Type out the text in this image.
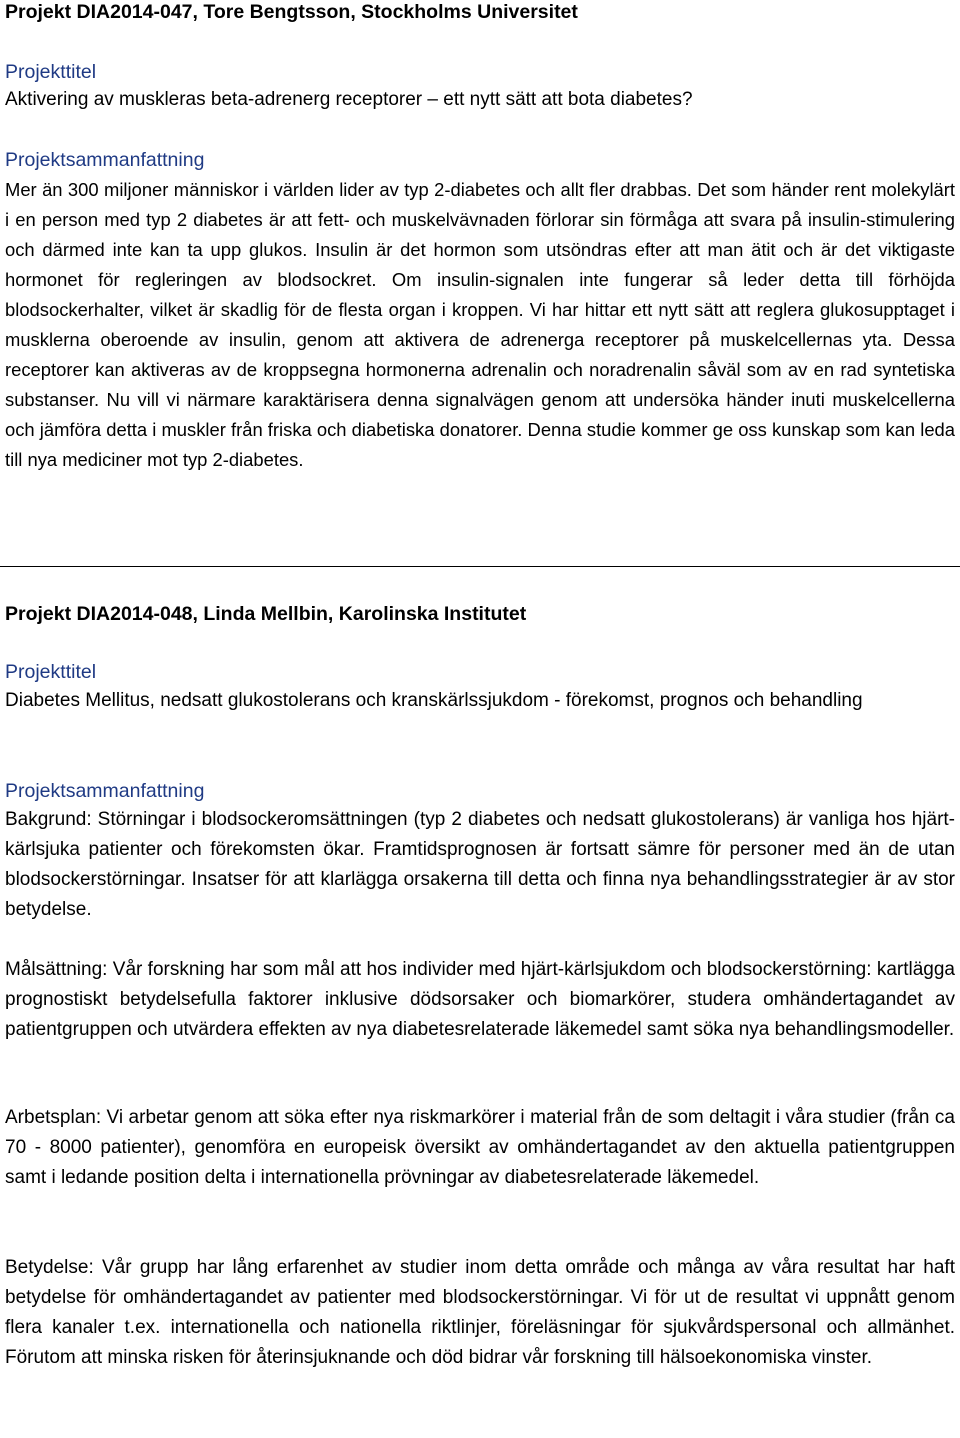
Projekt DIA2014-047, Tore Bengtsson, Stockholms Universitet
Projekttitel
Aktivering av muskleras beta-adrenerg receptorer – ett nytt sätt att bota diabetes?
Projektsammanfattning
Mer än 300 miljoner människor i världen lider av typ 2-diabetes och allt fler drabbas. Det som händer rent molekylärt i en person med typ 2 diabetes är att fett- och muskelvävnaden förlorar sin förmåga att svara på insulin-stimulering och därmed inte kan ta upp glukos. Insulin är det hormon som utsöndras efter att man ätit och är det viktigaste hormonet för regleringen av blodsockret. Om insulin-signalen inte fungerar så leder detta till förhöjda blodsockerhalter, vilket är skadlig för de flesta organ i kroppen. Vi har hittar ett nytt sätt att reglera glukosupptaget i musklerna oberoende av insulin, genom att aktivera de adrenerga receptorer på muskelcellernas yta. Dessa receptorer kan aktiveras av de kroppsegna hormonerna adrenalin och noradrenalin såväl som av en rad syntetiska substanser. Nu vill vi närmare karaktärisera denna signalvägen genom att undersöka händer inuti muskelcellerna och jämföra detta i muskler från friska och diabetiska donatorer. Denna studie kommer ge oss kunskap som kan leda till nya mediciner mot typ 2-diabetes.
Projekt DIA2014-048, Linda Mellbin, Karolinska Institutet
Projekttitel
Diabetes Mellitus, nedsatt glukostolerans och kranskärlssjukdom - förekomst, prognos och behandling
Projektsammanfattning
Bakgrund: Störningar i blodsockeromsättningen (typ 2 diabetes och nedsatt glukostolerans) är vanliga hos hjärt-kärlsjuka patienter och förekomsten ökar. Framtidsprognosen är fortsatt sämre för personer med än de utan blodsockerstörningar. Insatser för att klarlägga orsakerna till detta och finna nya behandlingsstrategier är av stor betydelse.
Målsättning: Vår forskning har som mål att hos individer med hjärt-kärlsjukdom och blodsockerstörning: kartlägga prognostiskt betydelsefulla faktorer inklusive dödsorsaker och biomarkörer, studera omhändertagandet av patientgruppen och utvärdera effekten av nya diabetesrelaterade läkemedel samt söka nya behandlingsmodeller.
Arbetsplan: Vi arbetar genom att söka efter nya riskmarkörer i material från de som deltagit i våra studier (från ca 70 - 8000 patienter), genomföra en europeisk översikt av omhändertagandet av den aktuella patientgruppen samt i ledande position delta i internationella prövningar av diabetesrelaterade läkemedel.
Betydelse: Vår grupp har lång erfarenhet av studier inom detta område och många av våra resultat har haft betydelse för omhändertagandet av patienter med blodsockerstörningar. Vi för ut de resultat vi uppnått genom flera kanaler t.ex. internationella och nationella riktlinjer, föreläsningar för sjukvårdspersonal och allmänhet. Förutom att minska risken för återinsjuknande och död bidrar vår forskning till hälsoekonomiska vinster.
